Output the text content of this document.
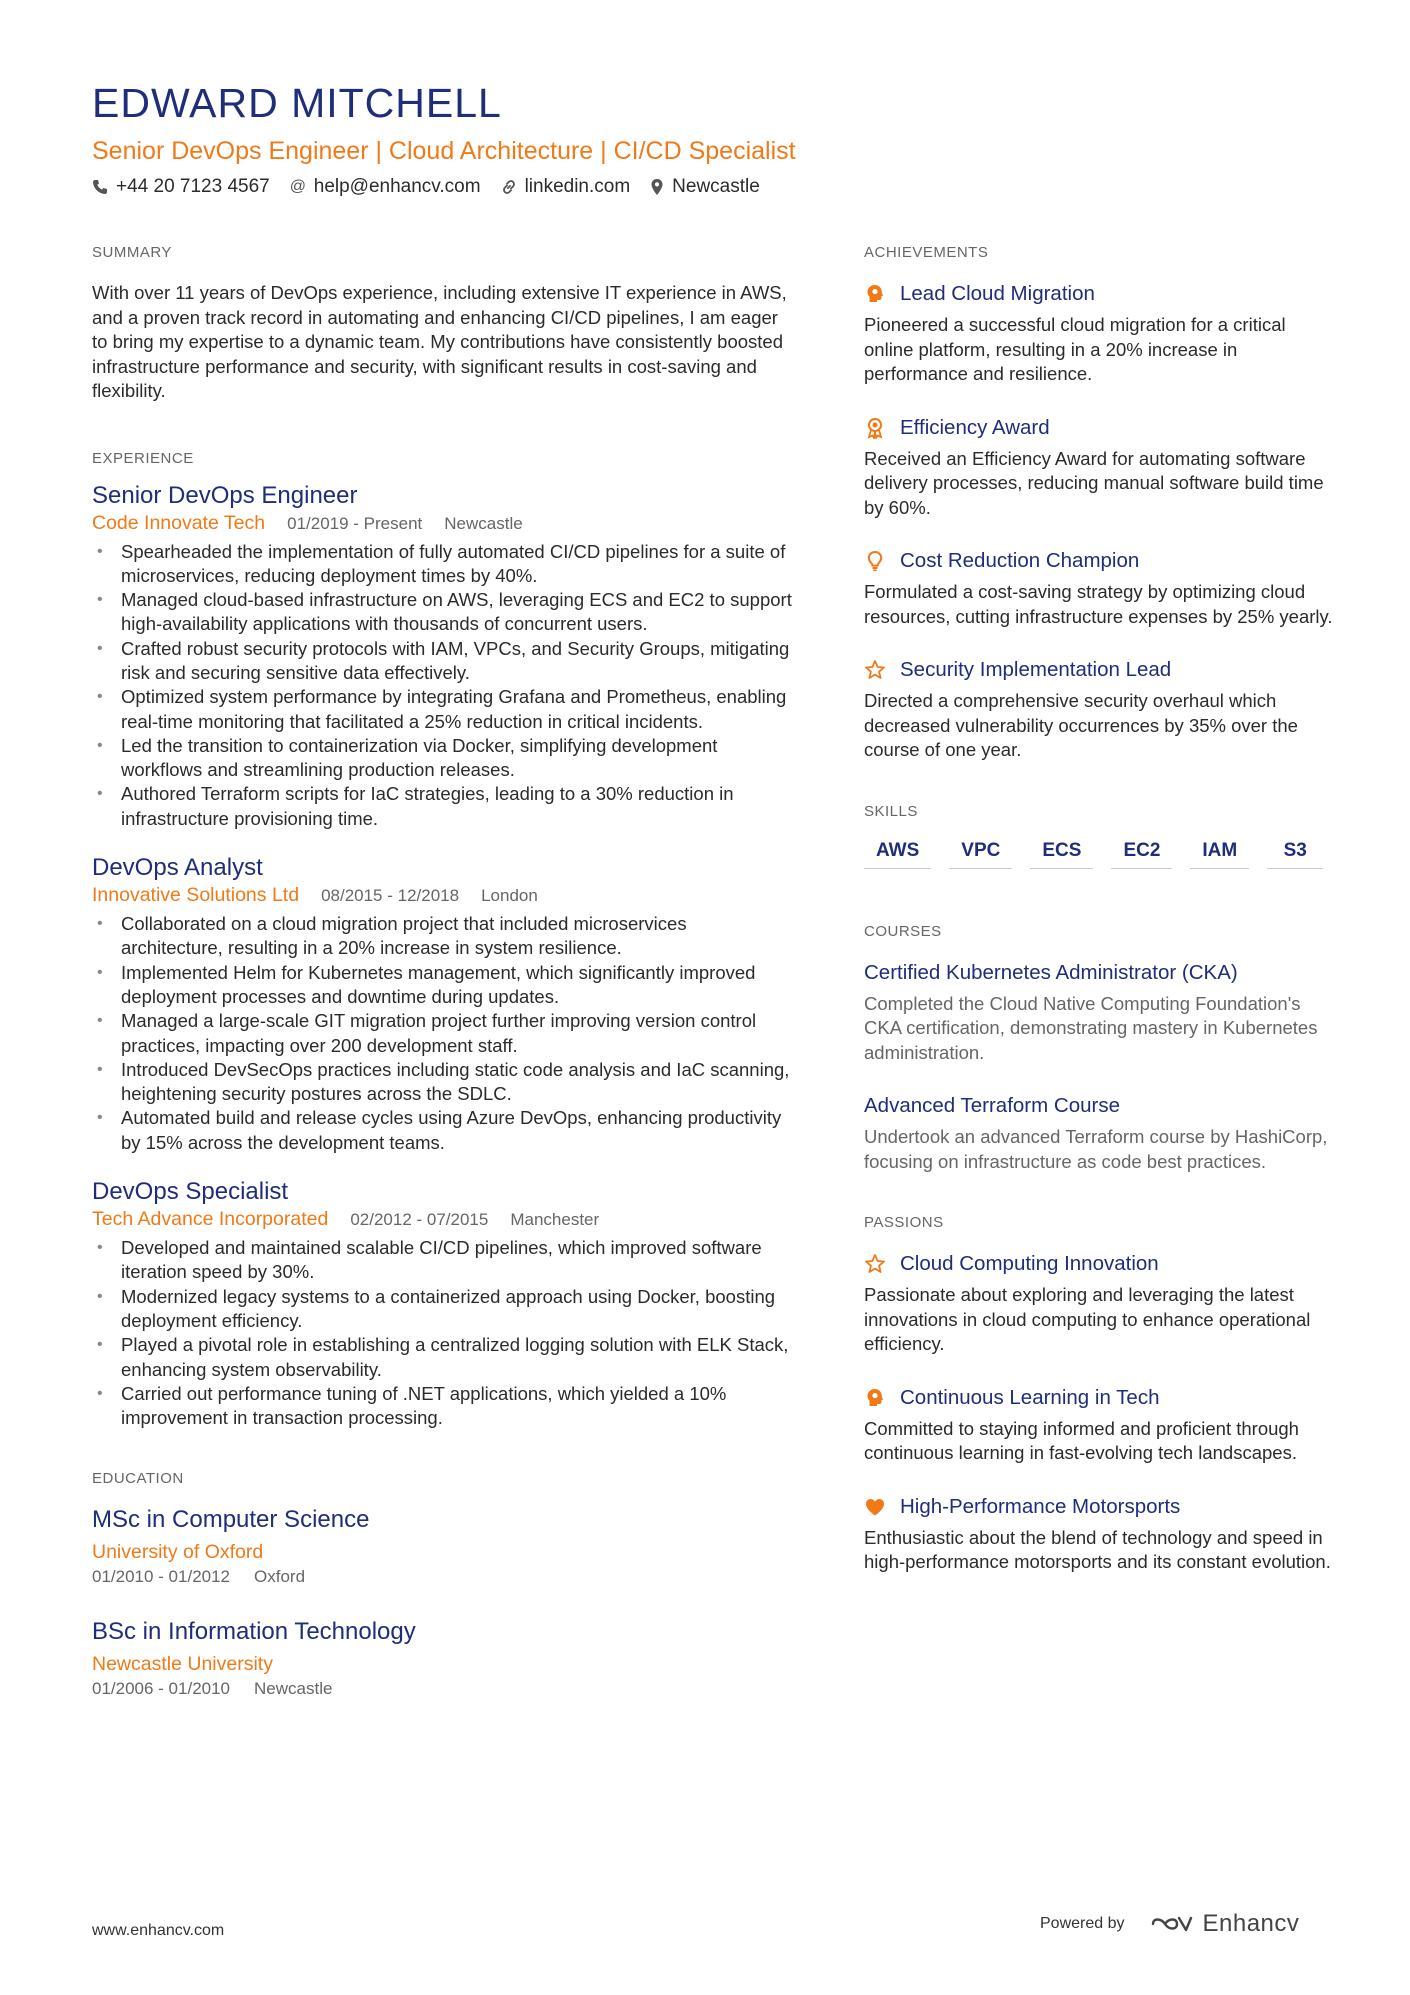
EDWARD MITCHELL
Senior DevOps Engineer | Cloud Architecture | CI/CD Specialist
+44 20 7123 4567 @ help@enhancv.com linkedin.com Newcastle
SUMMARY
With over 11 years of DevOps experience, including extensive IT experience in AWS, and a proven track record in automating and enhancing CI/CD pipelines, I am eager to bring my expertise to a dynamic team. My contributions have consistently boosted infrastructure performance and security, with significant results in cost-saving and flexibility.
EXPERIENCE
Senior DevOps Engineer
Code Innovate Tech 01/2019 - Present Newcastle
• Spearheaded the implementation of fully automated CI/CD pipelines for a suite of microservices, reducing deployment times by 40%.
• Managed cloud-based infrastructure on AWS, leveraging ECS and EC2 to support high-availability applications with thousands of concurrent users.
• Crafted robust security protocols with IAM, VPCs, and Security Groups, mitigating risk and securing sensitive data effectively.
• Optimized system performance by integrating Grafana and Prometheus, enabling real-time monitoring that facilitated a 25% reduction in critical incidents.
• Led the transition to containerization via Docker, simplifying development workflows and streamlining production releases.
• Authored Terraform scripts for IaC strategies, leading to a 30% reduction in infrastructure provisioning time.
DevOps Analyst
Innovative Solutions Ltd 08/2015 - 12/2018 London
• Collaborated on a cloud migration project that included microservices architecture, resulting in a 20% increase in system resilience.
• Implemented Helm for Kubernetes management, which significantly improved deployment processes and downtime during updates.
• Managed a large-scale GIT migration project further improving version control practices, impacting over 200 development staff.
• Introduced DevSecOps practices including static code analysis and IaC scanning, heightening security postures across the SDLC.
• Automated build and release cycles using Azure DevOps, enhancing productivity by 15% across the development teams.
DevOps Specialist
Tech Advance Incorporated 02/2012 - 07/2015 Manchester
• Developed and maintained scalable CI/CD pipelines, which improved software iteration speed by 30%.
• Modernized legacy systems to a containerized approach using Docker, boosting deployment efficiency.
• Played a pivotal role in establishing a centralized logging solution with ELK Stack, enhancing system observability.
• Carried out performance tuning of .NET applications, which yielded a 10% improvement in transaction processing.
EDUCATION
MSc in Computer Science
University of Oxford
01/2010 - 01/2012 Oxford
BSc in Information Technology
Newcastle University
01/2006 - 01/2010 Newcastle
ACHIEVEMENTS
Lead Cloud Migration
Pioneered a successful cloud migration for a critical online platform, resulting in a 20% increase in performance and resilience.
Efficiency Award
Received an Efficiency Award for automating software delivery processes, reducing manual software build time by 60%.
Cost Reduction Champion
Formulated a cost-saving strategy by optimizing cloud resources, cutting infrastructure expenses by 25% yearly.
Security Implementation Lead
Directed a comprehensive security overhaul which decreased vulnerability occurrences by 35% over the course of one year.
SKILLS
AWS	VPC	ECS	EC2	IAM	S3
COURSES
Certified Kubernetes Administrator (CKA)
Completed the Cloud Native Computing Foundation's CKA certification, demonstrating mastery in Kubernetes administration.
Advanced Terraform Course
Undertook an advanced Terraform course by HashiCorp, focusing on infrastructure as code best practices.
PASSIONS
Cloud Computing Innovation
Passionate about exploring and leveraging the latest innovations in cloud computing to enhance operational efficiency.
Continuous Learning in Tech
Committed to staying informed and proficient through continuous learning in fast-evolving tech landscapes.
High-Performance Motorsports
Enthusiastic about the blend of technology and speed in high-performance motorsports and its constant evolution.
www.enhancv.com	Powered by	Enhancv
